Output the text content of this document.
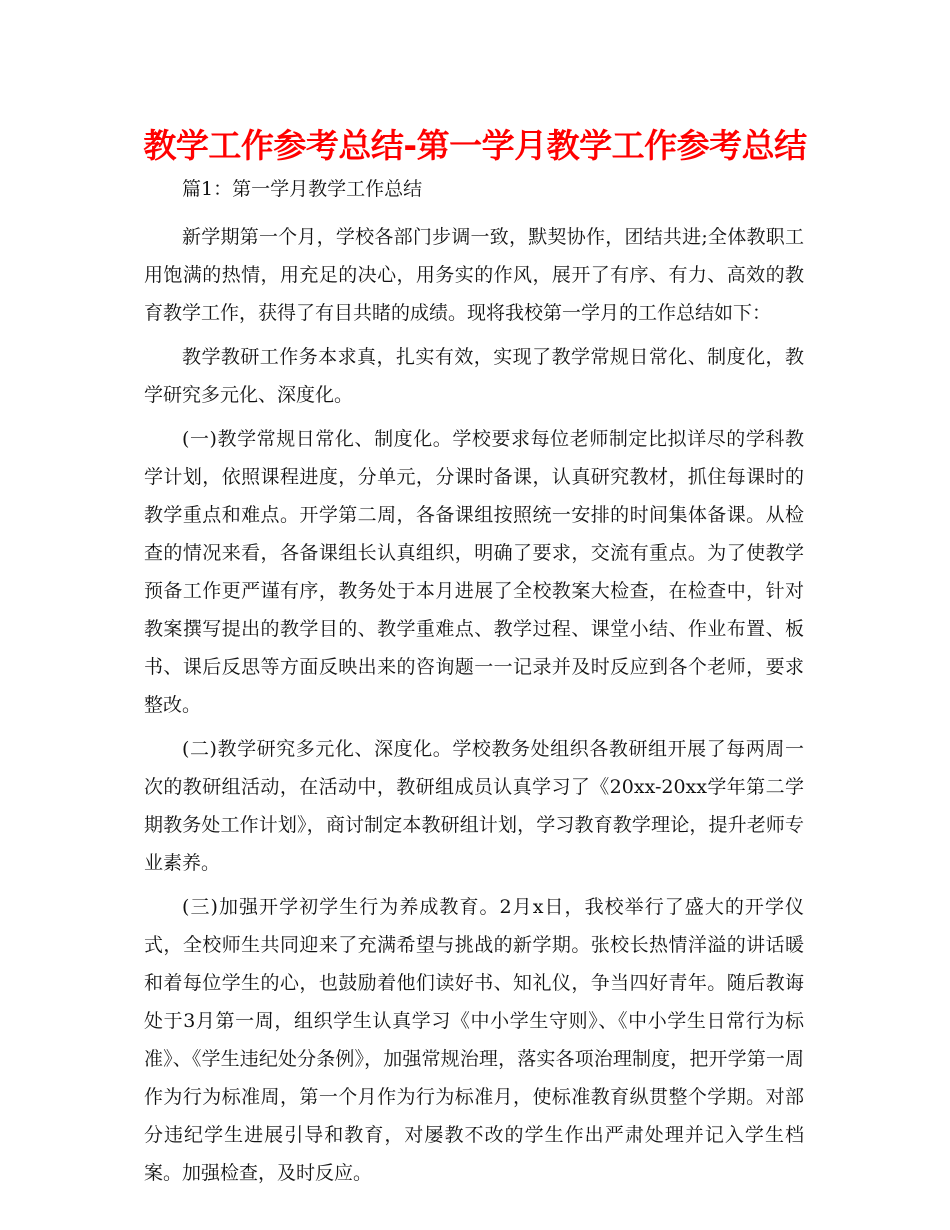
教学工作参考总结-第一学月教学工作参考总结

篇1：第一学月教学工作总结

新学期第一个月，学校各部门步调一致，默契协作，团结共进;全体教职工用饱满的热情，用充足的决心，用务实的作风，展开了有序、有力、高效的教育教学工作，获得了有目共睹的成绩。现将我校第一学月的工作总结如下：

教学教研工作务本求真，扎实有效，实现了教学常规日常化、制度化，教学研究多元化、深度化。

(一)教学常规日常化、制度化。学校要求每位老师制定比拟详尽的学科教学计划，依照课程进度，分单元，分课时备课，认真研究教材，抓住每课时的教学重点和难点。开学第二周，各备课组按照统一安排的时间集体备课。从检查的情况来看，各备课组长认真组织，明确了要求，交流有重点。为了使教学预备工作更严谨有序，教务处于本月进展了全校教案大检查，在检查中，针对教案撰写提出的教学目的、教学重难点、教学过程、课堂小结、作业布置、板书、课后反思等方面反映出来的咨询题一一记录并及时反应到各个老师，要求整改。

(二)教学研究多元化、深度化。学校教务处组织各教研组开展了每两周一次的教研组活动，在活动中，教研组成员认真学习了《20xx-20xx学年第二学期教务处工作计划》，商讨制定本教研组计划，学习教育教学理论，提升老师专业素养。

(三)加强开学初学生行为养成教育。2月x日，我校举行了盛大的开学仪式，全校师生共同迎来了充满希望与挑战的新学期。张校长热情洋溢的讲话暖和着每位学生的心，也鼓励着他们读好书、知礼仪，争当四好青年。随后教诲处于3月第一周，组织学生认真学习《中小学生守则》、《中小学生日常行为标准》、《学生违纪处分条例》，加强常规治理，落实各项治理制度，把开学第一周作为行为标准周，第一个月作为行为标准月，使标准教育纵贯整个学期。对部分违纪学生进展引导和教育，对屡教不改的学生作出严肃处理并记入学生档案。加强检查，及时反应。
